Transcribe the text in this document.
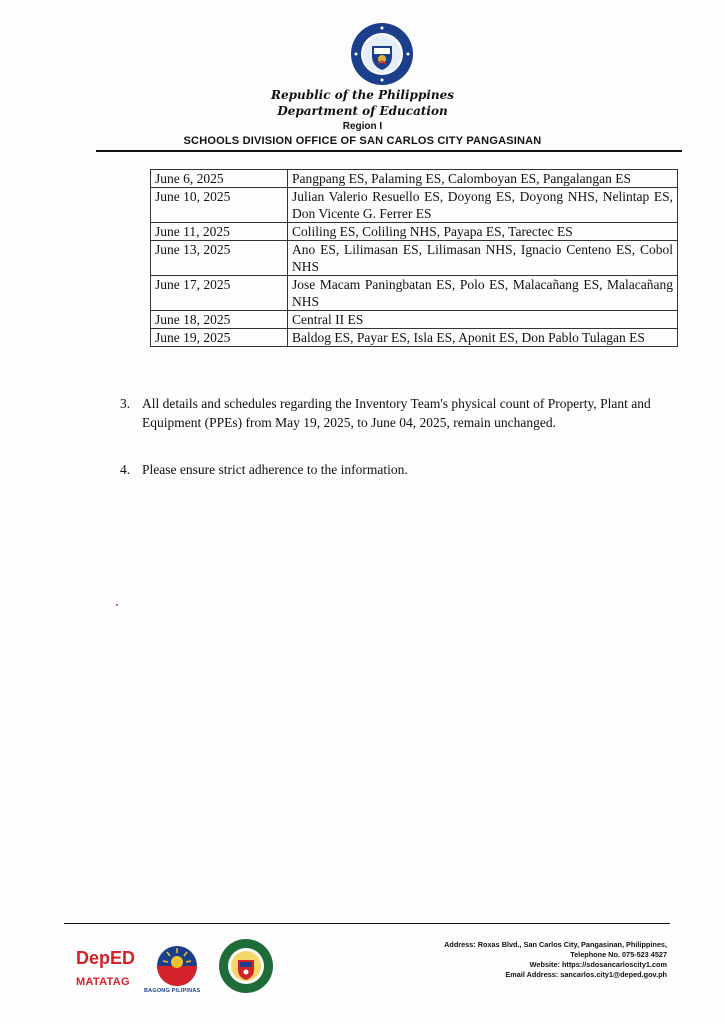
Republic of the Philippines
Department of Education
Region I
SCHOOLS DIVISION OFFICE OF SAN CARLOS CITY PANGASINAN
June 6, 2025	Pangpang ES, Palaming ES, Calomboyan ES, Pangalangan ES
June 10, 2025	Julian Valerio Resuello ES, Doyong ES, Doyong NHS, Nelintap ES, Don Vicente G. Ferrer ES
June 11, 2025	Coliling ES, Coliling NHS, Payapa ES, Tarectec ES
June 13, 2025	Ano ES, Lilimasan ES, Lilimasan NHS, Ignacio Centeno ES, Cobol NHS
June 17, 2025	Jose Macam Paningbatan ES, Polo ES, Malacañang ES, Malacañang NHS
June 18, 2025	Central II ES
June 19, 2025	Baldog ES, Payar ES, Isla ES, Aponit ES, Don Pablo Tulagan ES
3. All details and schedules regarding the Inventory Team's physical count of Property, Plant and Equipment (PPEs) from May 19, 2025, to June 04, 2025, remain unchanged.
4. Please ensure strict adherence to the information.
DepED
MATATAG
BAGONG PILIPINAS
Address: Roxas Blvd., San Carlos City, Pangasinan, Philippines,
Telephone No. 075-523 4527
Website: https://sdosancarloscity1.com
Email Address: sancarlos.city1@deped.gov.ph
